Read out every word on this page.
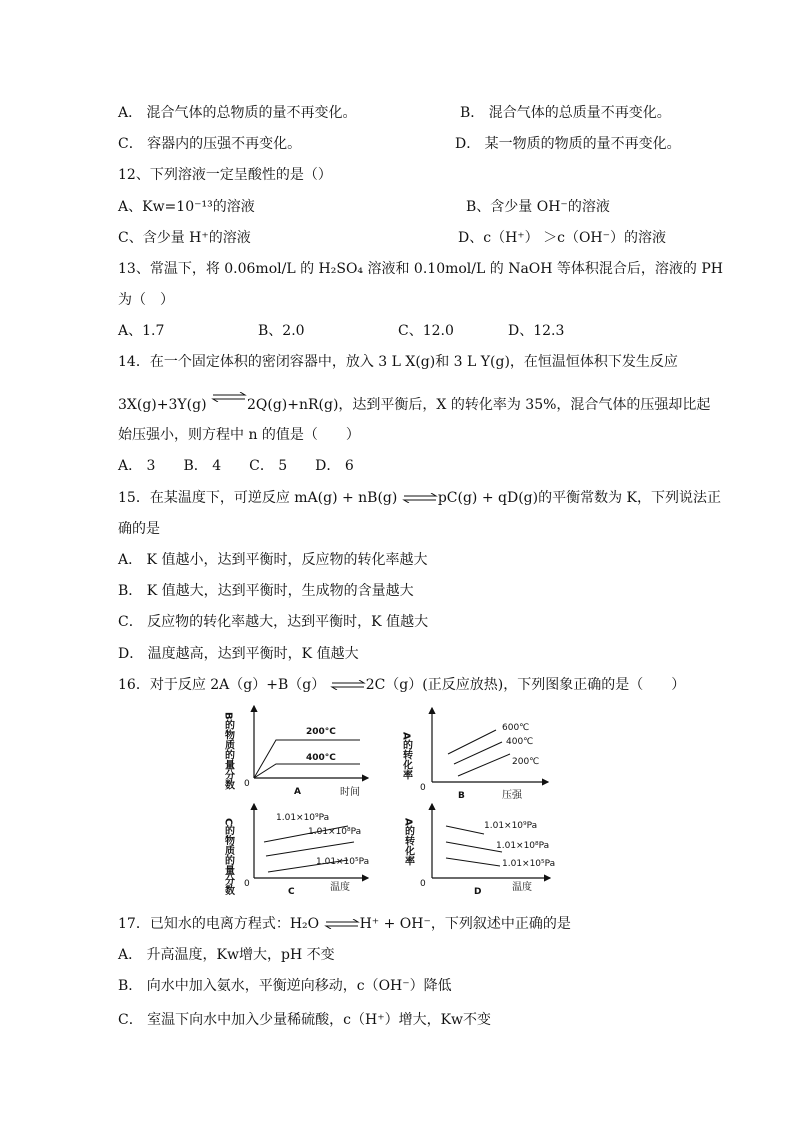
A． 混合气体的总物质的量不再变化。	B． 混合气体的总质量不再变化。
C． 容器内的压强不再变化。	D． 某一物质的物质的量不再变化。
12、下列溶液一定呈酸性的是（）
A、Kw=10⁻¹³的溶液	B、含少量 OH⁻的溶液
C、含少量 H⁺的溶液	D、c（H⁺） ＞c（OH⁻）的溶液
13、常温下，将 0.06mol/L 的 H₂SO₄ 溶液和 0.10mol/L 的 NaOH 等体积混合后，溶液的 PH
为（　）
A、1.7	B、2.0	C、12.0	D、12.3
14．在一个固定体积的密闭容器中，放入 3 L X(g)和 3 L Y(g)，在恒温恒体积下发生反应
3X(g)+3Y(g) ⇌2Q(g)+nR(g)，达到平衡后，X 的转化率为 35%，混合气体的压强却比起
始压强小，则方程中 n 的值是（　　）
A． 3　　B． 4　　C． 5　　D． 6
15．在某温度下，可逆反应 mA(g) + nB(g) ⇌pC(g) + qD(g)的平衡常数为 K，下列说法正
确的是
A． K 值越小，达到平衡时，反应物的转化率越大
B． K 值越大，达到平衡时，生成物的含量越大
C． 反应物的转化率越大，达到平衡时，K 值越大
D． 温度越高，达到平衡时，K 值越大
16．对于反应 2A（g）+B（g） ⇌2C（g）(正反应放热)，下列图象正确的是（　　）
B的物质的量分数 0
时间
A
200°C
400°C	A的转化率
0
B	压强
600℃
400℃
200℃
C的物质的量分数 0
C	温度
1.01×10⁹Pa
1.01×10⁸Pa
1.01×10⁵Pa	A的转化率
0
D	温度
1.01×10⁹Pa
1.01×10⁸Pa
1.01×10⁵Pa
17．已知水的电离方程式：H₂O ⇌H⁺ + OH⁻，下列叙述中正确的是
A． 升高温度，Kw增大，pH 不变
B． 向水中加入氨水，平衡逆向移动，c（OH⁻）降低
C． 室温下向水中加入少量稀硫酸，c（H⁺）增大，Kw不变
